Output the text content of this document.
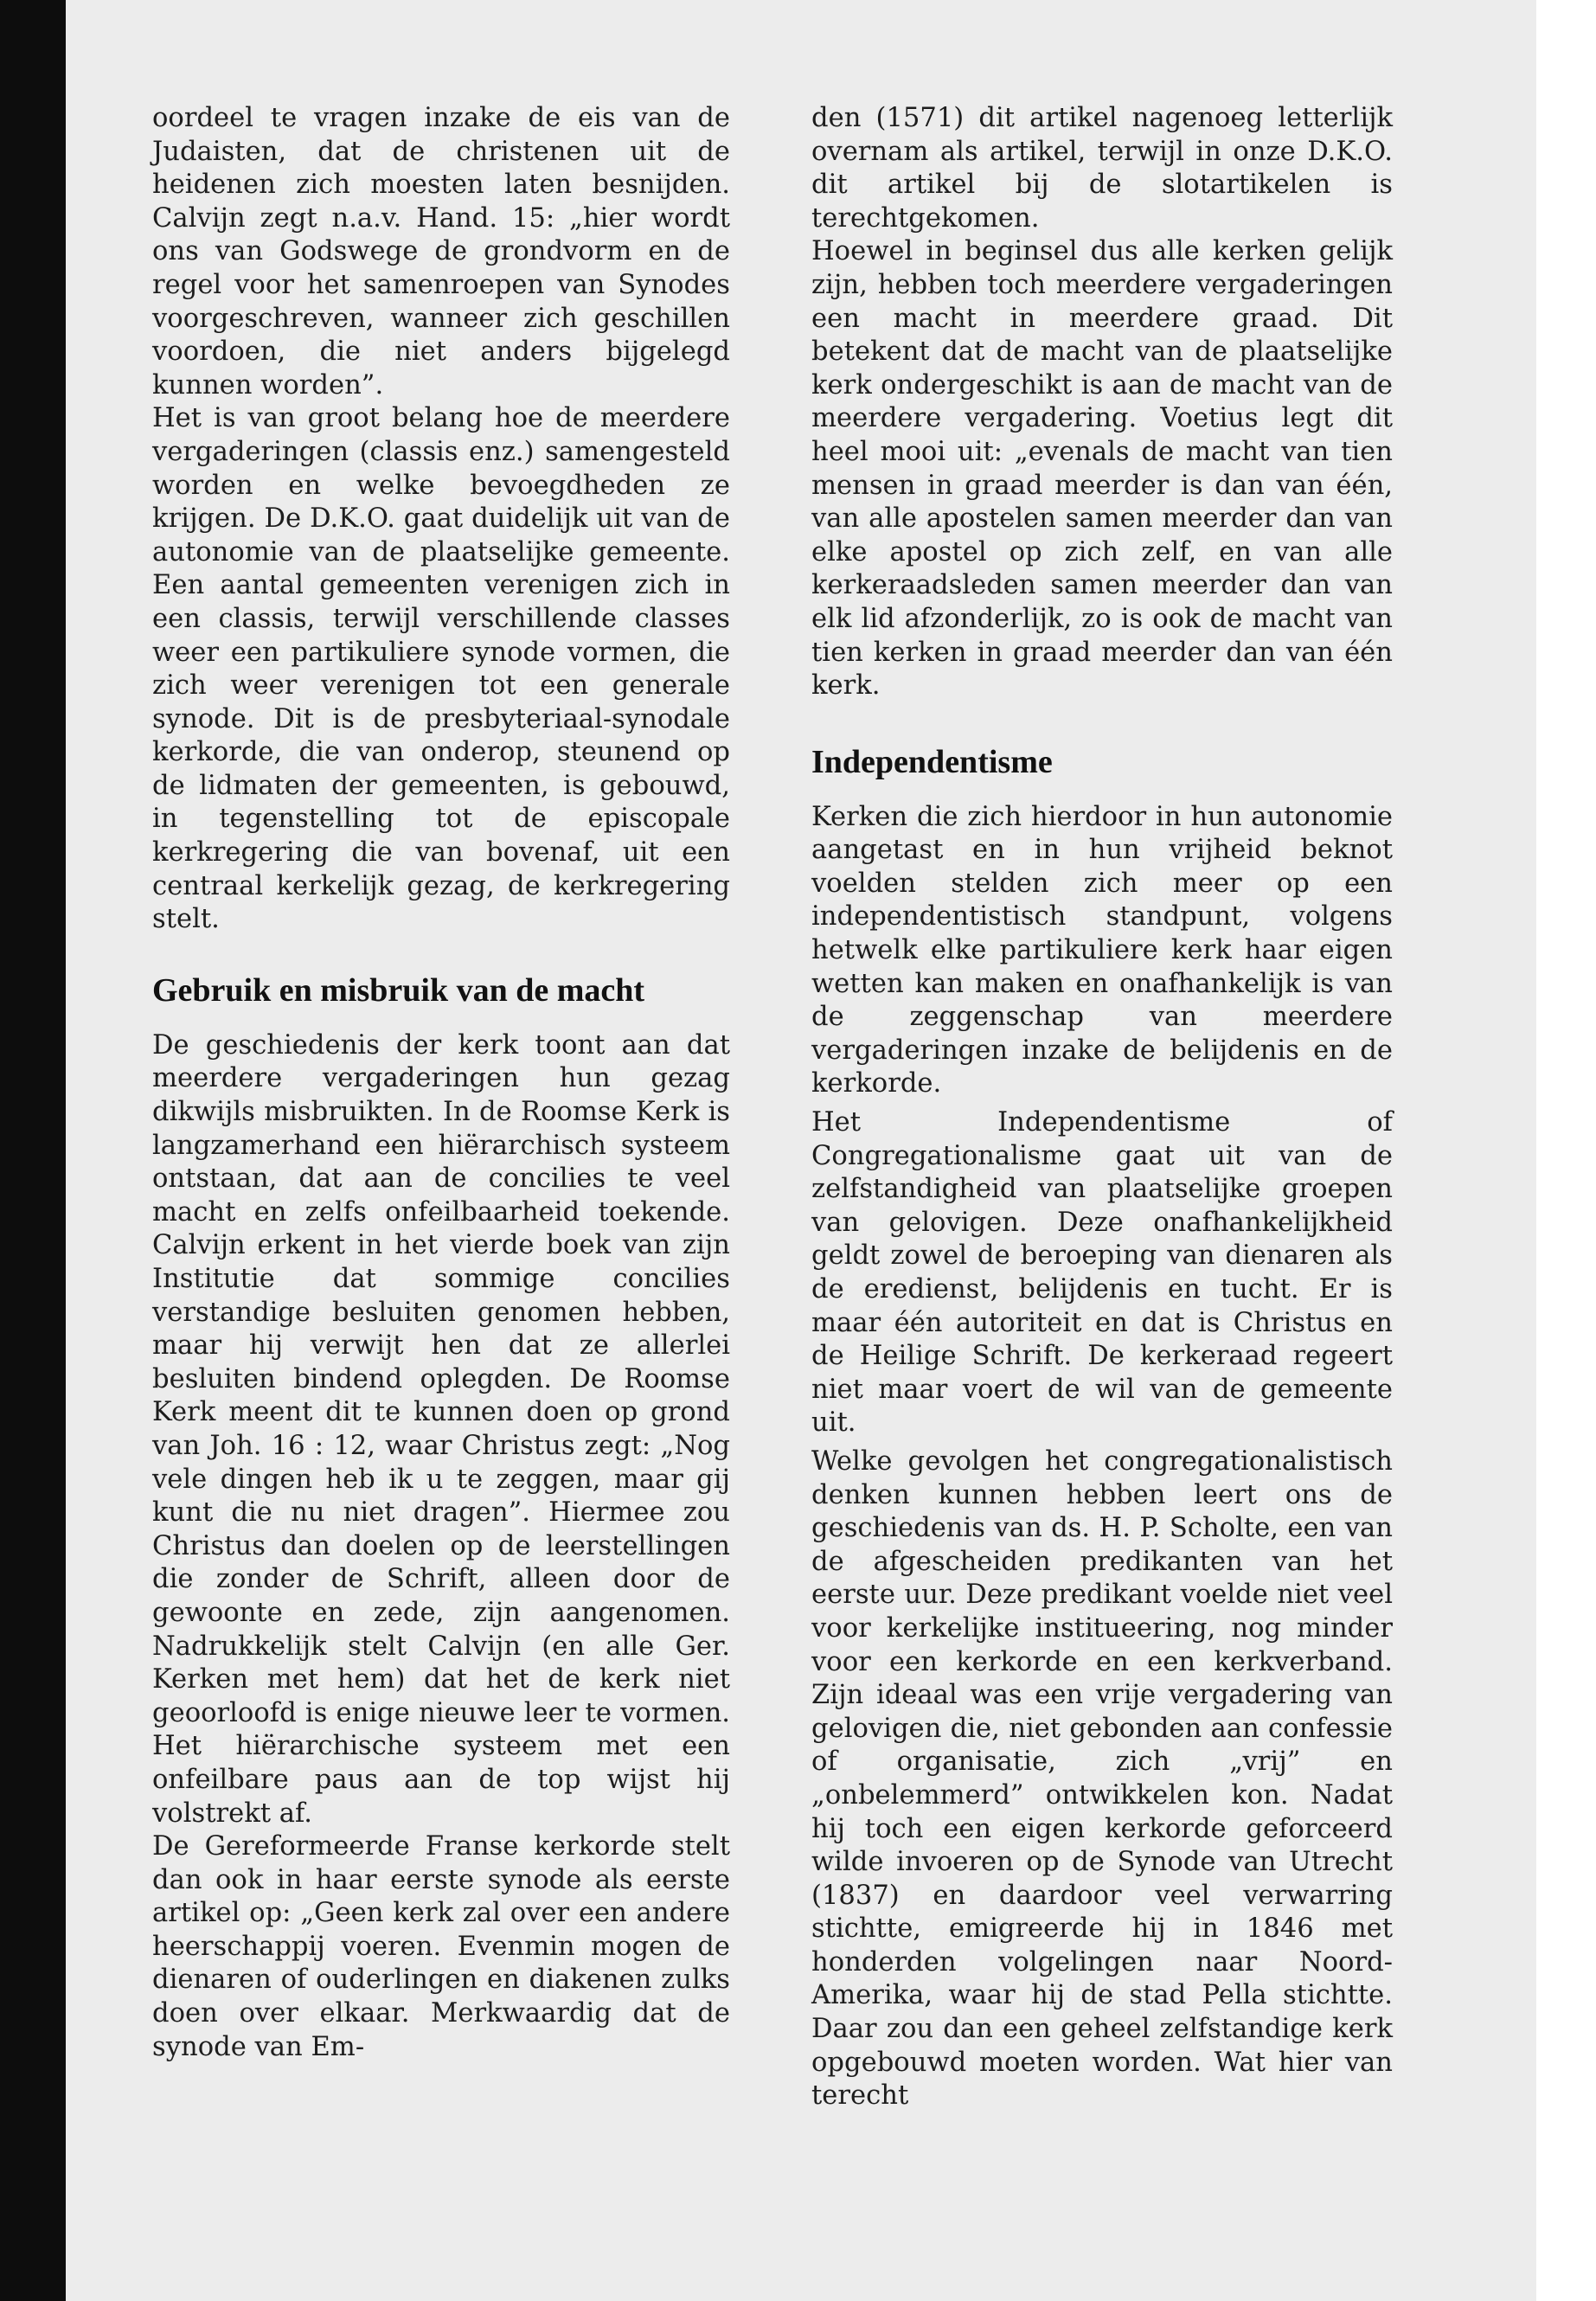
oordeel te vragen inzake de eis van de Judaisten, dat de christenen uit de heidenen zich moesten laten besnijden. Calvijn zegt n.a.v. Hand. 15: „hier wordt ons van Godswege de grondvorm en de regel voor het samenroepen van Synodes voorgeschreven, wanneer zich geschillen voordoen, die niet anders bijgelegd kunnen worden”.

Het is van groot belang hoe de meerdere vergaderingen (classis enz.) samengesteld worden en welke bevoegdheden ze krijgen. De D.K.O. gaat duidelijk uit van de autonomie van de plaatselijke gemeente. Een aantal gemeenten verenigen zich in een classis, terwijl verschillende classes weer een partikuliere synode vormen, die zich weer verenigen tot een generale synode. Dit is de presbyteriaal-synodale kerkorde, die van onderop, steunend op de lidmaten der gemeenten, is gebouwd, in tegenstelling tot de episcopale kerkregering die van bovenaf, uit een centraal kerkelijk gezag, de kerkregering stelt.

Gebruik en misbruik van de macht

De geschiedenis der kerk toont aan dat meerdere vergaderingen hun gezag dikwijls misbruikten. In de Roomse Kerk is langzamerhand een hiërarchisch systeem ontstaan, dat aan de concilies te veel macht en zelfs onfeilbaarheid toekende. Calvijn erkent in het vierde boek van zijn Institutie dat sommige concilies verstandige besluiten genomen hebben, maar hij verwijt hen dat ze allerlei besluiten bindend oplegden. De Roomse Kerk meent dit te kunnen doen op grond van Joh. 16 : 12, waar Christus zegt: „Nog vele dingen heb ik u te zeggen, maar gij kunt die nu niet dragen”. Hiermee zou Christus dan doelen op de leerstellingen die zonder de Schrift, alleen door de gewoonte en zede, zijn aangenomen. Nadrukkelijk stelt Calvijn (en alle Ger. Kerken met hem) dat het de kerk niet geoorloofd is enige nieuwe leer te vormen. Het hiërarchische systeem met een onfeilbare paus aan de top wijst hij volstrekt af.

De Gereformeerde Franse kerkorde stelt dan ook in haar eerste synode als eerste artikel op: „Geen kerk zal over een andere heerschappij voeren. Evenmin mogen de dienaren of ouderlingen en diakenen zulks doen over elkaar. Merkwaardig dat de synode van Em-

den (1571) dit artikel nagenoeg letterlijk overnam als artikel, terwijl in onze D.K.O. dit artikel bij de slotartikelen is terechtgekomen.

Hoewel in beginsel dus alle kerken gelijk zijn, hebben toch meerdere vergaderingen een macht in meerdere graad. Dit betekent dat de macht van de plaatselijke kerk ondergeschikt is aan de macht van de meerdere vergadering. Voetius legt dit heel mooi uit: „evenals de macht van tien mensen in graad meerder is dan van één, van alle apostelen samen meerder dan van elke apostel op zich zelf, en van alle kerkeraadsleden samen meerder dan van elk lid afzonderlijk, zo is ook de macht van tien kerken in graad meerder dan van één kerk.

Independentisme

Kerken die zich hierdoor in hun autonomie aangetast en in hun vrijheid beknot voelden stelden zich meer op een independentistisch standpunt, volgens hetwelk elke partikuliere kerk haar eigen wetten kan maken en onafhankelijk is van de zeggenschap van meerdere vergaderingen inzake de belijdenis en de kerkorde.

Het Independentisme of Congregationalisme gaat uit van de zelfstandigheid van plaatselijke groepen van gelovigen. Deze onafhankelijkheid geldt zowel de beroeping van dienaren als de eredienst, belijdenis en tucht. Er is maar één autoriteit en dat is Christus en de Heilige Schrift. De kerkeraad regeert niet maar voert de wil van de gemeente uit.

Welke gevolgen het congregationalistisch denken kunnen hebben leert ons de geschiedenis van ds. H. P. Scholte, een van de afgescheiden predikanten van het eerste uur. Deze predikant voelde niet veel voor kerkelijke institueering, nog minder voor een kerkorde en een kerkverband. Zijn ideaal was een vrije vergadering van gelovigen die, niet gebonden aan confessie of organisatie, zich „vrij” en „onbelemmerd” ontwikkelen kon. Nadat hij toch een eigen kerkorde geforceerd wilde invoeren op de Synode van Utrecht (1837) en daardoor veel verwarring stichtte, emigreerde hij in 1846 met honderden volgelingen naar Noord-Amerika, waar hij de stad Pella stichtte. Daar zou dan een geheel zelfstandige kerk opgebouwd moeten worden. Wat hier van terecht
